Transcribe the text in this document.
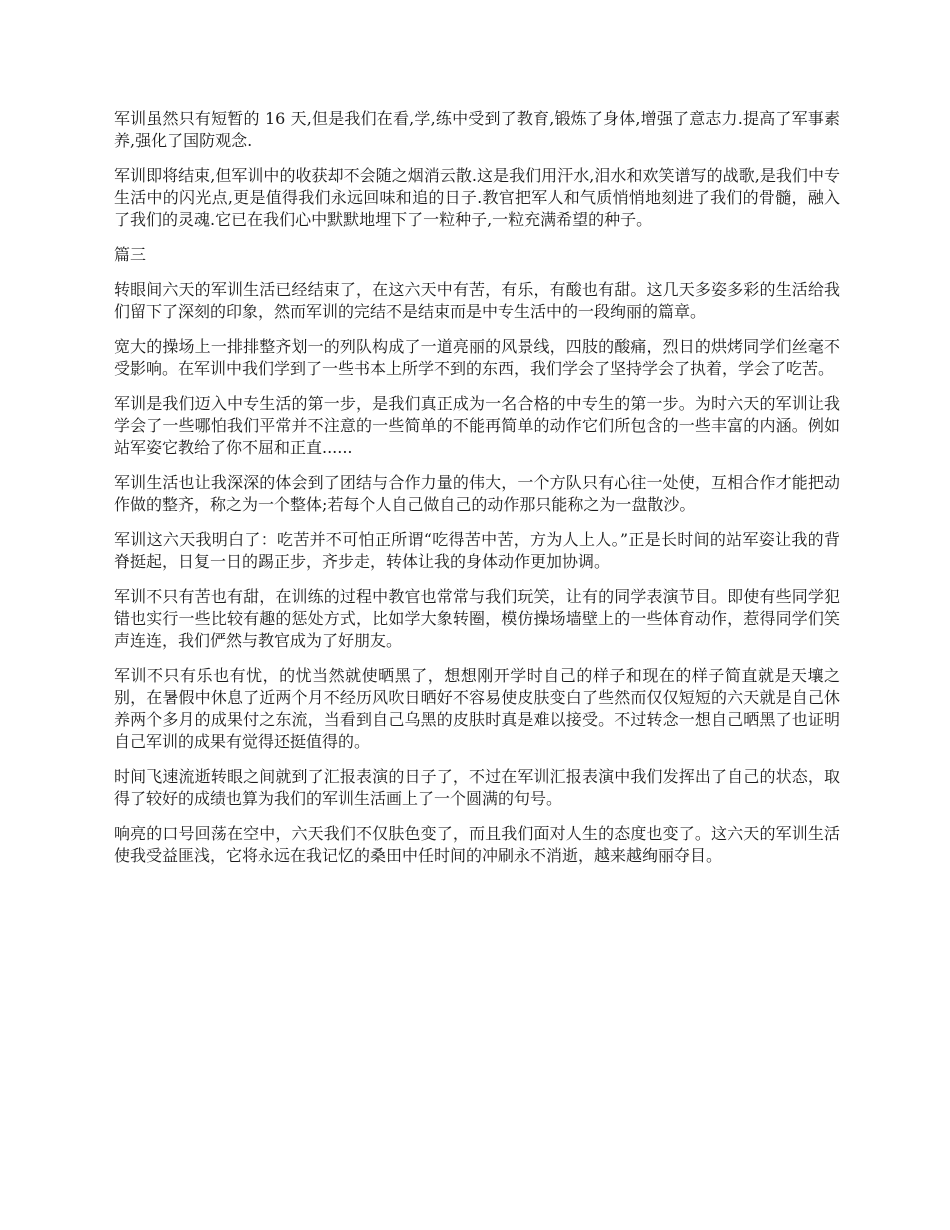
军训虽然只有短暂的 16 天,但是我们在看,学,练中受到了教育,锻炼了身体,增强了意志力.提高了军事素养,强化了国防观念.

军训即将结束,但军训中的收获却不会随之烟消云散.这是我们用汗水,泪水和欢笑谱写的战歌,是我们中专生活中的闪光点,更是值得我们永远回味和追的日子.教官把军人和气质悄悄地刻进了我们的骨髓，融入了我们的灵魂.它已在我们心中默默地埋下了一粒种子,一粒充满希望的种子。

篇三

转眼间六天的军训生活已经结束了，在这六天中有苦，有乐，有酸也有甜。这几天多姿多彩的生活给我们留下了深刻的印象，然而军训的完结不是结束而是中专生活中的一段绚丽的篇章。

宽大的操场上一排排整齐划一的列队构成了一道亮丽的风景线，四肢的酸痛，烈日的烘烤同学们丝毫不受影响。在军训中我们学到了一些书本上所学不到的东西，我们学会了坚持学会了执着，学会了吃苦。

军训是我们迈入中专生活的第一步，是我们真正成为一名合格的中专生的第一步。为时六天的军训让我学会了一些哪怕我们平常并不注意的一些简单的不能再简单的动作它们所包含的一些丰富的内涵。例如站军姿它教给了你不屈和正直......

军训生活也让我深深的体会到了团结与合作力量的伟大，一个方队只有心往一处使，互相合作才能把动作做的整齐，称之为一个整体;若每个人自己做自己的动作那只能称之为一盘散沙。

军训这六天我明白了：吃苦并不可怕正所谓“吃得苦中苦，方为人上人。”正是长时间的站军姿让我的背脊挺起，日复一日的踢正步，齐步走，转体让我的身体动作更加协调。

军训不只有苦也有甜，在训练的过程中教官也常常与我们玩笑，让有的同学表演节目。即使有些同学犯错也实行一些比较有趣的惩处方式，比如学大象转圈，模仿操场墙壁上的一些体育动作，惹得同学们笑声连连，我们俨然与教官成为了好朋友。

军训不只有乐也有忧，的忧当然就使晒黑了，想想刚开学时自己的样子和现在的样子简直就是天壤之别，在暑假中休息了近两个月不经历风吹日晒好不容易使皮肤变白了些然而仅仅短短的六天就是自己休养两个多月的成果付之东流，当看到自己乌黑的皮肤时真是难以接受。不过转念一想自己晒黑了也证明自己军训的成果有觉得还挺值得的。

时间飞速流逝转眼之间就到了汇报表演的日子了，不过在军训汇报表演中我们发挥出了自己的状态，取得了较好的成绩也算为我们的军训生活画上了一个圆满的句号。

响亮的口号回荡在空中，六天我们不仅肤色变了，而且我们面对人生的态度也变了。这六天的军训生活使我受益匪浅，它将永远在我记忆的桑田中任时间的冲刷永不消逝，越来越绚丽夺目。
